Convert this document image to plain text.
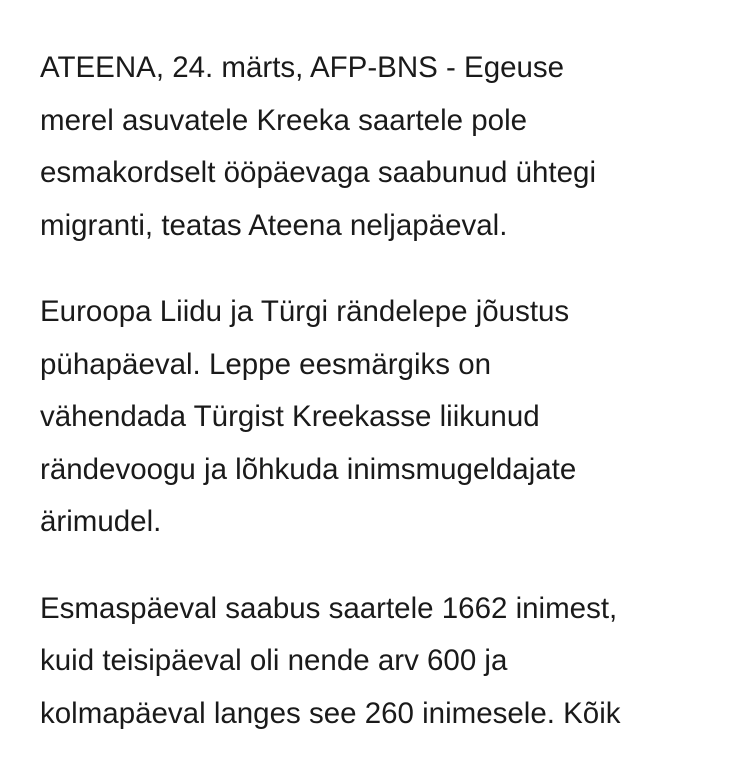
ATEENA, 24. märts, AFP-BNS - Egeuse
merel asuvatele Kreeka saartele pole
esmakordselt ööpäevaga saabunud ühtegi
migranti, teatas Ateena neljapäeval.

Euroopa Liidu ja Türgi rändelepe jõustus
pühapäeval. Leppe eesmärgiks on
vähendada Türgist Kreekasse liikunud
rändevoogu ja lõhkuda inimsmugeldajate
ärimudel.

Esmaspäeval saabus saartele 1662 inimest,
kuid teisipäeval oli nende arv 600 ja
kolmapäeval langes see 260 inimesele. Kõik
